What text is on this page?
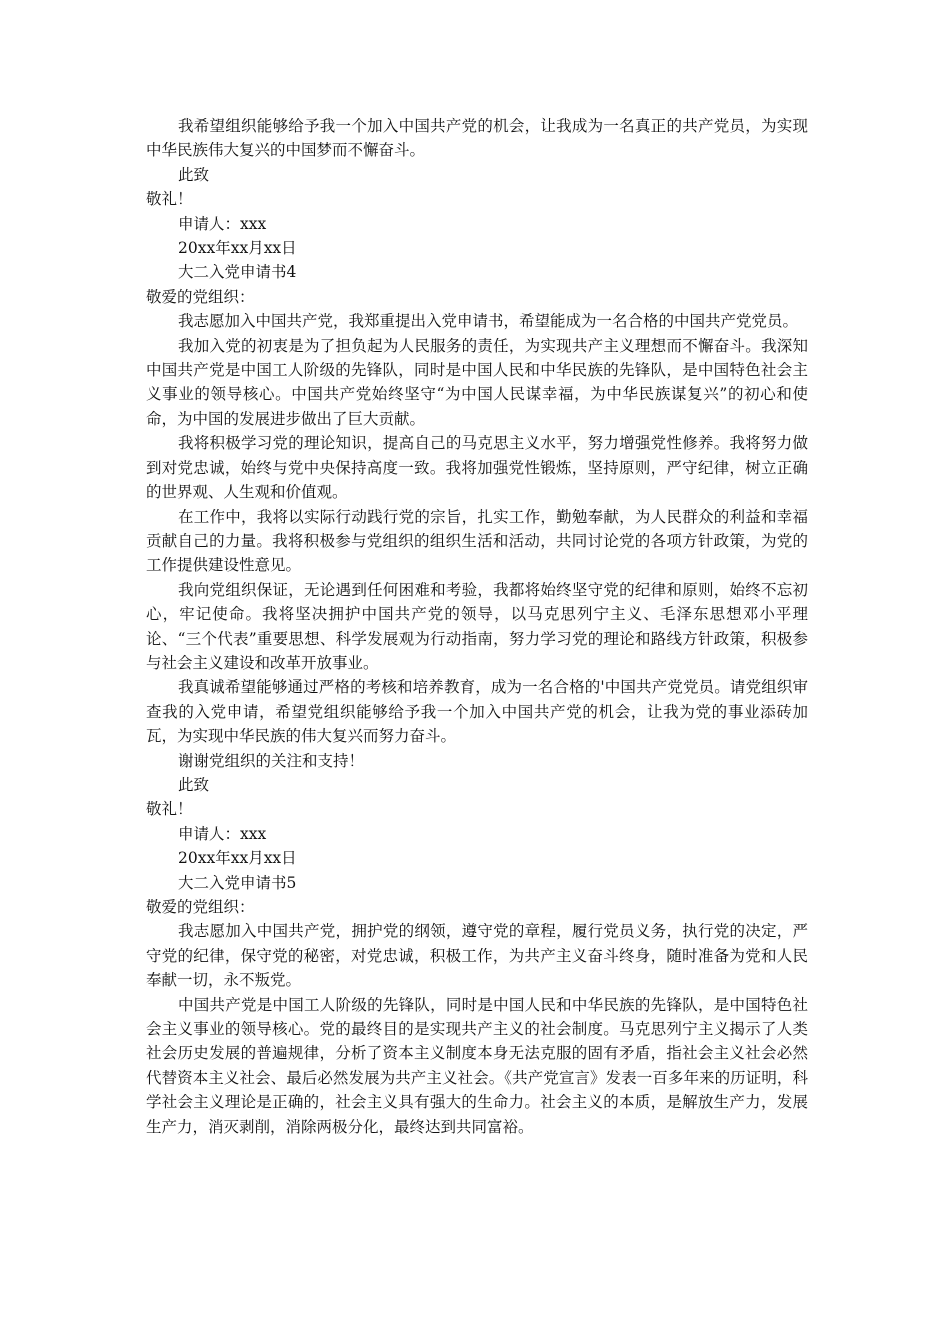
我希望组织能够给予我一个加入中国共产党的机会，让我成为一名真正的共产党员，为实现中华民族伟大复兴的中国梦而不懈奋斗。

此致

敬礼！

申请人：xxx

20xx年xx月xx日

大二入党申请书4

敬爱的党组织：

我志愿加入中国共产党，我郑重提出入党申请书，希望能成为一名合格的中国共产党党员。

我加入党的初衷是为了担负起为人民服务的责任，为实现共产主义理想而不懈奋斗。我深知中国共产党是中国工人阶级的先锋队，同时是中国人民和中华民族的先锋队，是中国特色社会主义事业的领导核心。中国共产党始终坚守“为中国人民谋幸福，为中华民族谋复兴”的初心和使命，为中国的发展进步做出了巨大贡献。

我将积极学习党的理论知识，提高自己的马克思主义水平，努力增强党性修养。我将努力做到对党忠诚，始终与党中央保持高度一致。我将加强党性锻炼，坚持原则，严守纪律，树立正确的世界观、人生观和价值观。

在工作中，我将以实际行动践行党的宗旨，扎实工作，勤勉奉献，为人民群众的利益和幸福贡献自己的力量。我将积极参与党组织的组织生活和活动，共同讨论党的各项方针政策，为党的工作提供建设性意见。

我向党组织保证，无论遇到任何困难和考验，我都将始终坚守党的纪律和原则，始终不忘初心，牢记使命。我将坚决拥护中国共产党的领导，以马克思列宁主义、毛泽东思想邓小平理论、“三个代表”重要思想、科学发展观为行动指南，努力学习党的理论和路线方针政策，积极参与社会主义建设和改革开放事业。

我真诚希望能够通过严格的考核和培养教育，成为一名合格的'中国共产党党员。请党组织审查我的入党申请，希望党组织能够给予我一个加入中国共产党的机会，让我为党的事业添砖加瓦，为实现中华民族的伟大复兴而努力奋斗。

谢谢党组织的关注和支持！

此致

敬礼！

申请人：xxx

20xx年xx月xx日

大二入党申请书5

敬爱的党组织：

我志愿加入中国共产党，拥护党的纲领，遵守党的章程，履行党员义务，执行党的决定，严守党的纪律，保守党的秘密，对党忠诚，积极工作，为共产主义奋斗终身，随时准备为党和人民奉献一切，永不叛党。

中国共产党是中国工人阶级的先锋队，同时是中国人民和中华民族的先锋队，是中国特色社会主义事业的领导核心。党的最终目的是实现共产主义的社会制度。马克思列宁主义揭示了人类社会历史发展的普遍规律，分析了资本主义制度本身无法克服的固有矛盾，指社会主义社会必然代替资本主义社会、最后必然发展为共产主义社会。《共产党宣言》发表一百多年来的历证明，科学社会主义理论是正确的，社会主义具有强大的生命力。社会主义的本质，是解放生产力，发展生产力，消灭剥削，消除两极分化，最终达到共同富裕。
